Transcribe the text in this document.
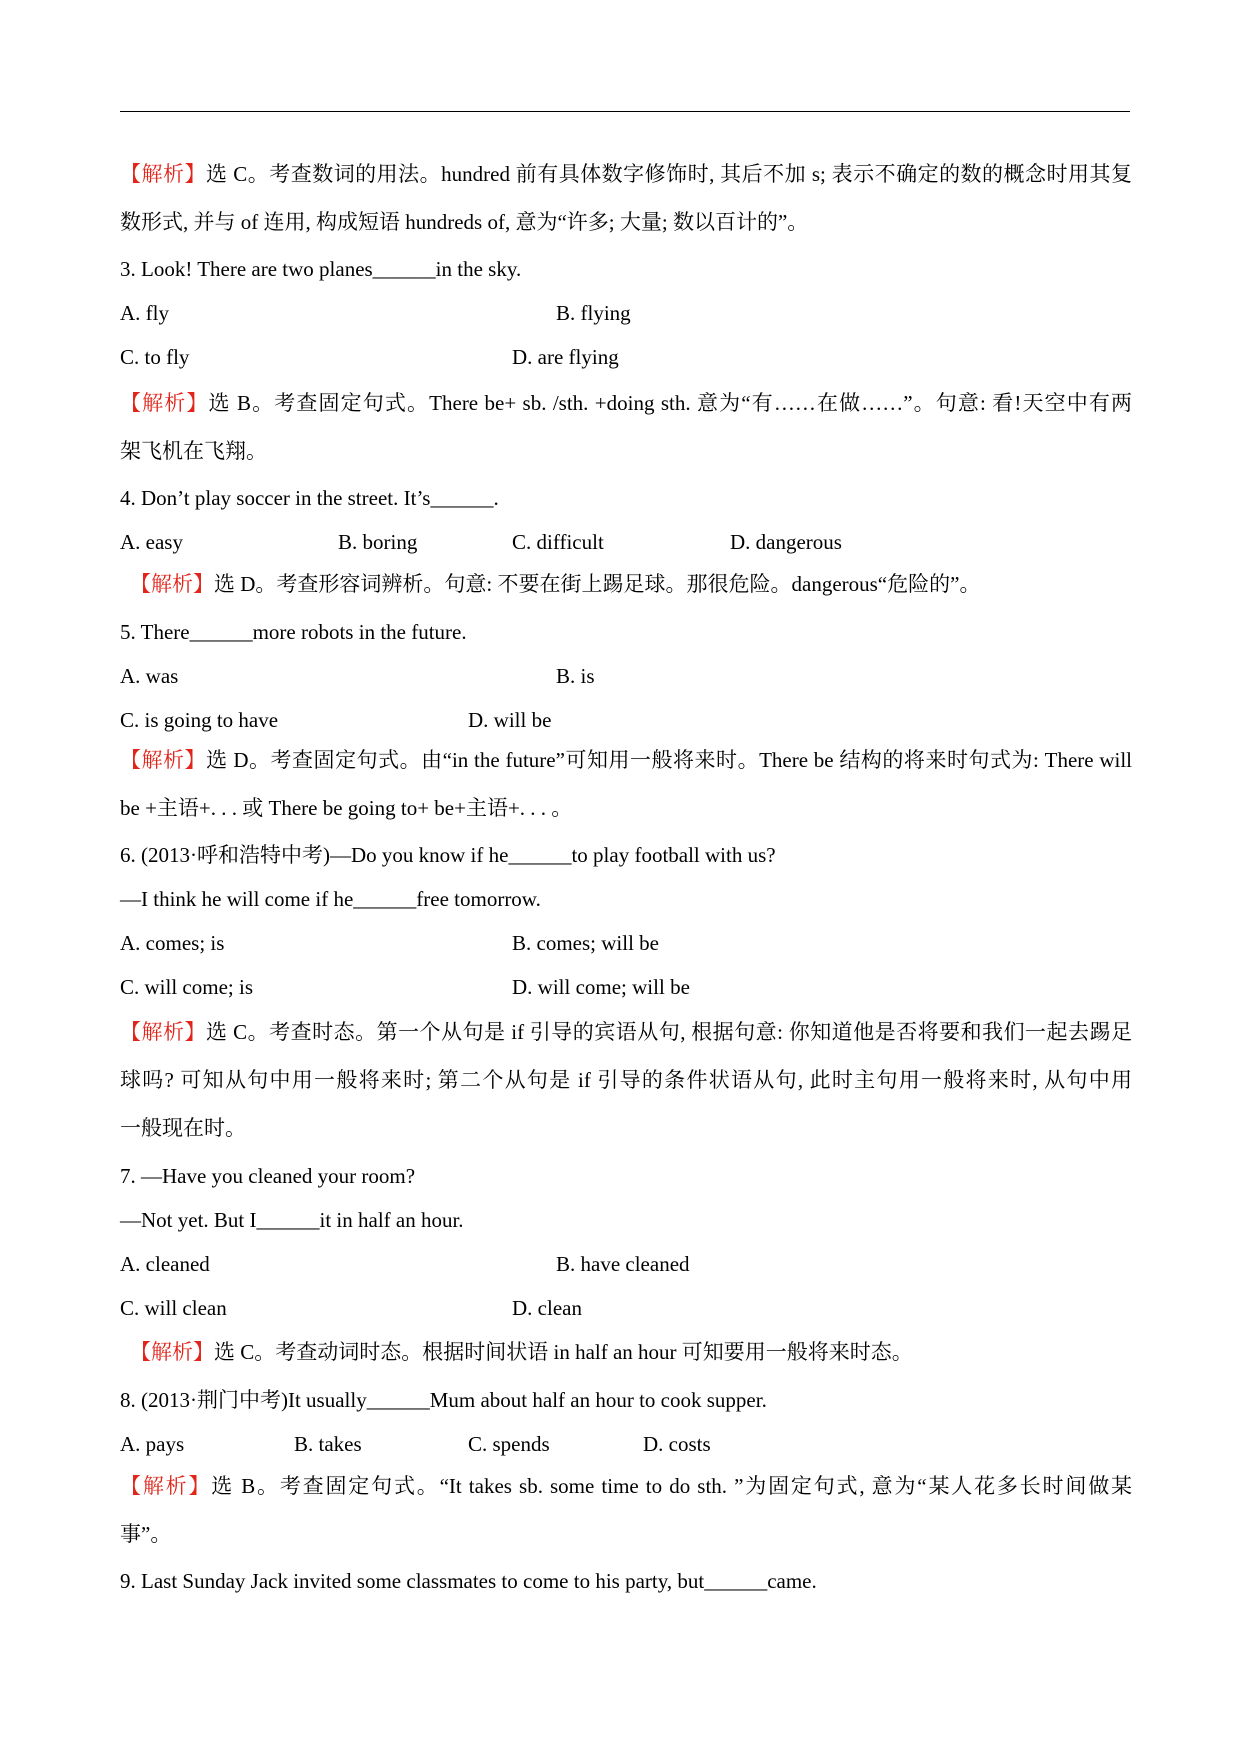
【解析】选 C。考查数词的用法。hundred 前有具体数字修饰时, 其后不加 s; 表示不确定的数的概念时用其复
数形式, 并与 of 连用, 构成短语 hundreds of, 意为“许多; 大量; 数以百计的”。
3. Look! There are two planes______in the sky.
【解析】选 B。考查固定句式。There be+ sb. /sth. +doing sth. 意为“有……在做……”。句意: 看!天空中有两
架飞机在飞翔。
4. Don’t play soccer in the street. It’s______.
【解析】选 D。考查形容词辨析。句意: 不要在街上踢足球。那很危险。dangerous“危险的”。
5. There______more robots in the future.
【解析】选 D。考查固定句式。由“in the future”可知用一般将来时。There be 结构的将来时句式为: There will
be +主语+. . . 或 There be going to+ be+主语+. . . 。
6. (2013·呼和浩特中考)—Do you know if he______to play football with us?
—I think he will come if he______free tomorrow.
【解析】选 C。考查时态。第一个从句是 if 引导的宾语从句, 根据句意: 你知道他是否将要和我们一起去踢足
球吗? 可知从句中用一般将来时; 第二个从句是 if 引导的条件状语从句, 此时主句用一般将来时, 从句中用
一般现在时。
7. —Have you cleaned your room?
—Not yet. But I______it in half an hour.
【解析】选 C。考查动词时态。根据时间状语 in half an hour 可知要用一般将来时态。
8. (2013·荆门中考)It usually______Mum about half an hour to cook supper.
【解析】选 B。考查固定句式。“It takes sb. some time to do sth. ”为固定句式, 意为“某人花多长时间做某
事”。
9. Last Sunday Jack invited some classmates to come to his party, but______came.
A. fly	B. flying
C. to fly	D. are flying
A. easy	B. boring	C. difficult	D. dangerous
A. was	B. is
C. is going to have	D. will be
A. comes; is	B. comes; will be
C. will come; is	D. will come; will be
A. cleaned	B. have cleaned
C. will clean	D. clean
A. pays	B. takes	C. spends	D. costs
